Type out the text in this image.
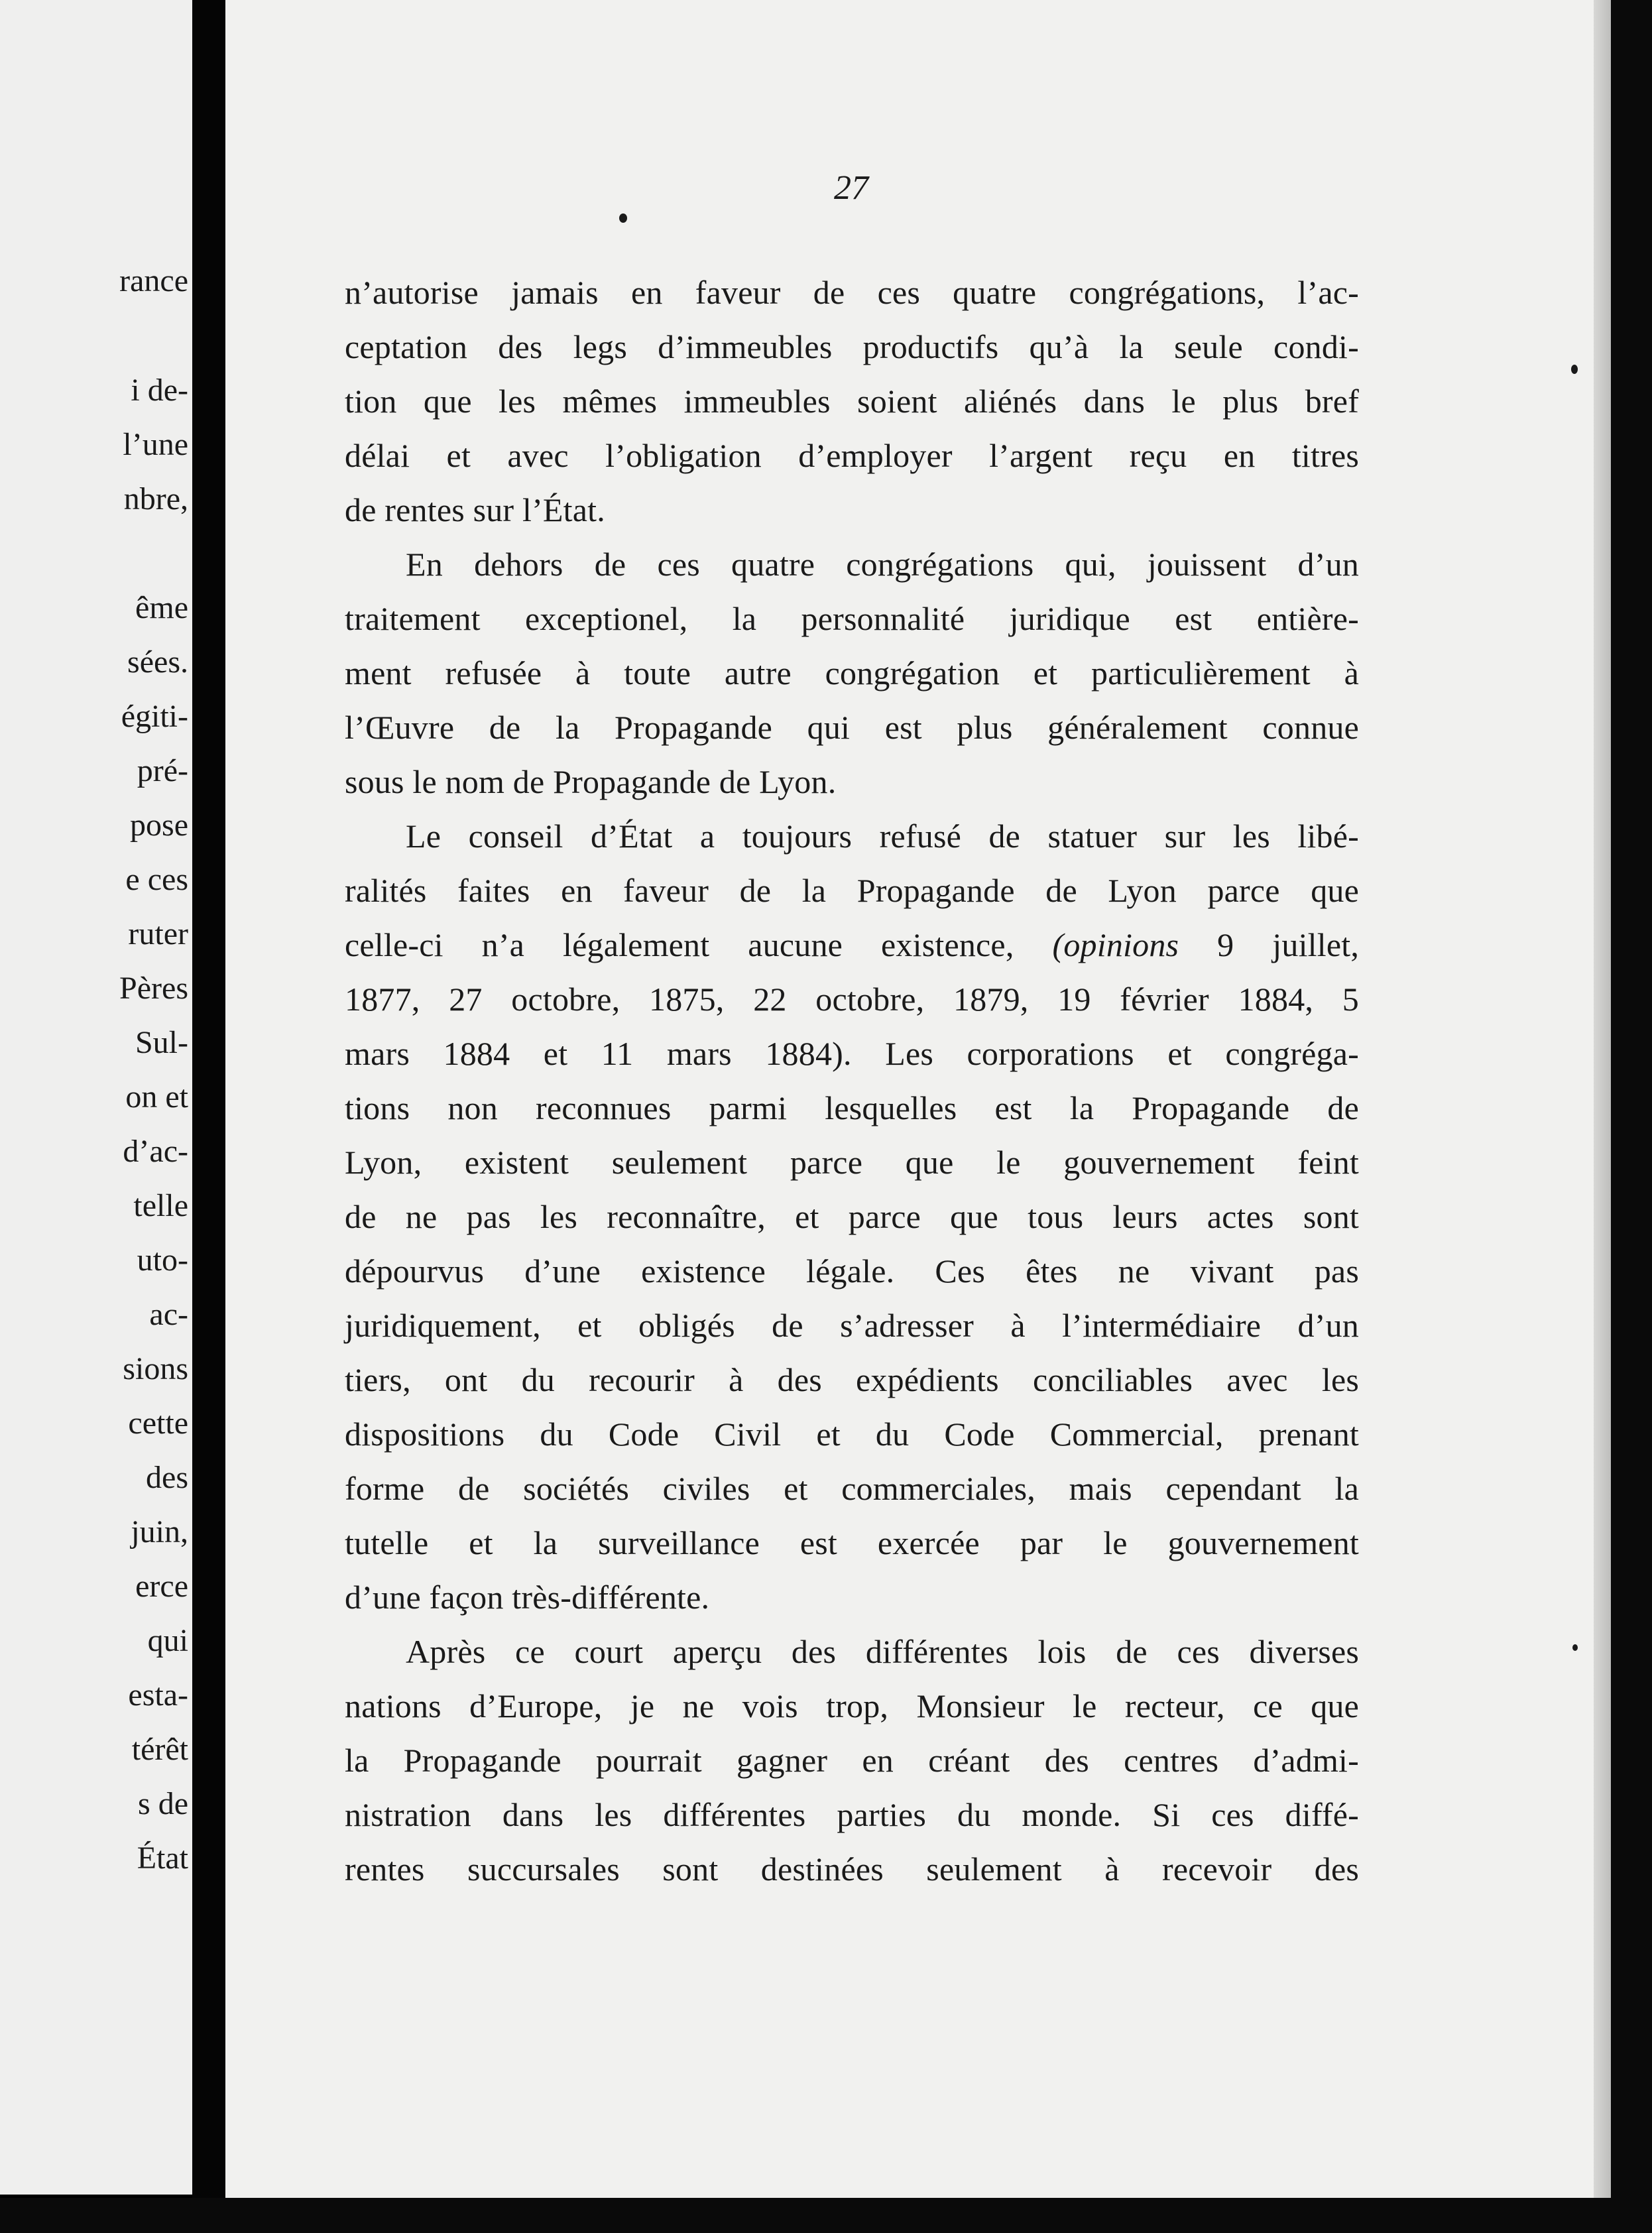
rance
i de-
l’une
nbre,
ême
sées.
égiti-
pré-
pose
e ces
ruter
Pères
Sul-
on et
d’ac-
telle
uto-
ac-
sions
cette
des
juin,
erce
qui
esta-
térêt
s de
État
27
n’autorise jamais en faveur de ces quatre congrégations, l’ac-
ceptation des legs d’immeubles productifs qu’à la seule condi-
tion que les mêmes immeubles soient aliénés dans le plus bref
délai et avec l’obligation d’employer l’argent reçu en titres
de rentes sur l’État.
En dehors de ces quatre congrégations qui, jouissent d’un
traitement exceptionel, la personnalité juridique est entière-
ment refusée à toute autre congrégation et particulièrement à
l’Œuvre de la Propagande qui est plus généralement connue
sous le nom de Propagande de Lyon.
Le conseil d’État a toujours refusé de statuer sur les libé-
ralités faites en faveur de la Propagande de Lyon parce que
celle-ci n’a légalement aucune existence, (opinions 9 juillet,
1877, 27 octobre, 1875, 22 octobre, 1879, 19 février 1884, 5
mars 1884 et 11 mars 1884). Les corporations et congréga-
tions non reconnues parmi lesquelles est la Propagande de
Lyon, existent seulement parce que le gouvernement feint
de ne pas les reconnaître, et parce que tous leurs actes sont
dépourvus d’une existence légale. Ces êtes ne vivant pas
juridiquement, et obligés de s’adresser à l’intermédiaire d’un
tiers, ont du recourir à des expédients conciliables avec les
dispositions du Code Civil et du Code Commercial, prenant
forme de sociétés civiles et commerciales, mais cependant la
tutelle et la surveillance est exercée par le gouvernement
d’une façon très-différente.
Après ce court aperçu des différentes lois de ces diverses
nations d’Europe, je ne vois trop, Monsieur le recteur, ce que
la Propagande pourrait gagner en créant des centres d’admi-
nistration dans les différentes parties du monde. Si ces diffé-
rentes succursales sont destinées seulement à recevoir des
